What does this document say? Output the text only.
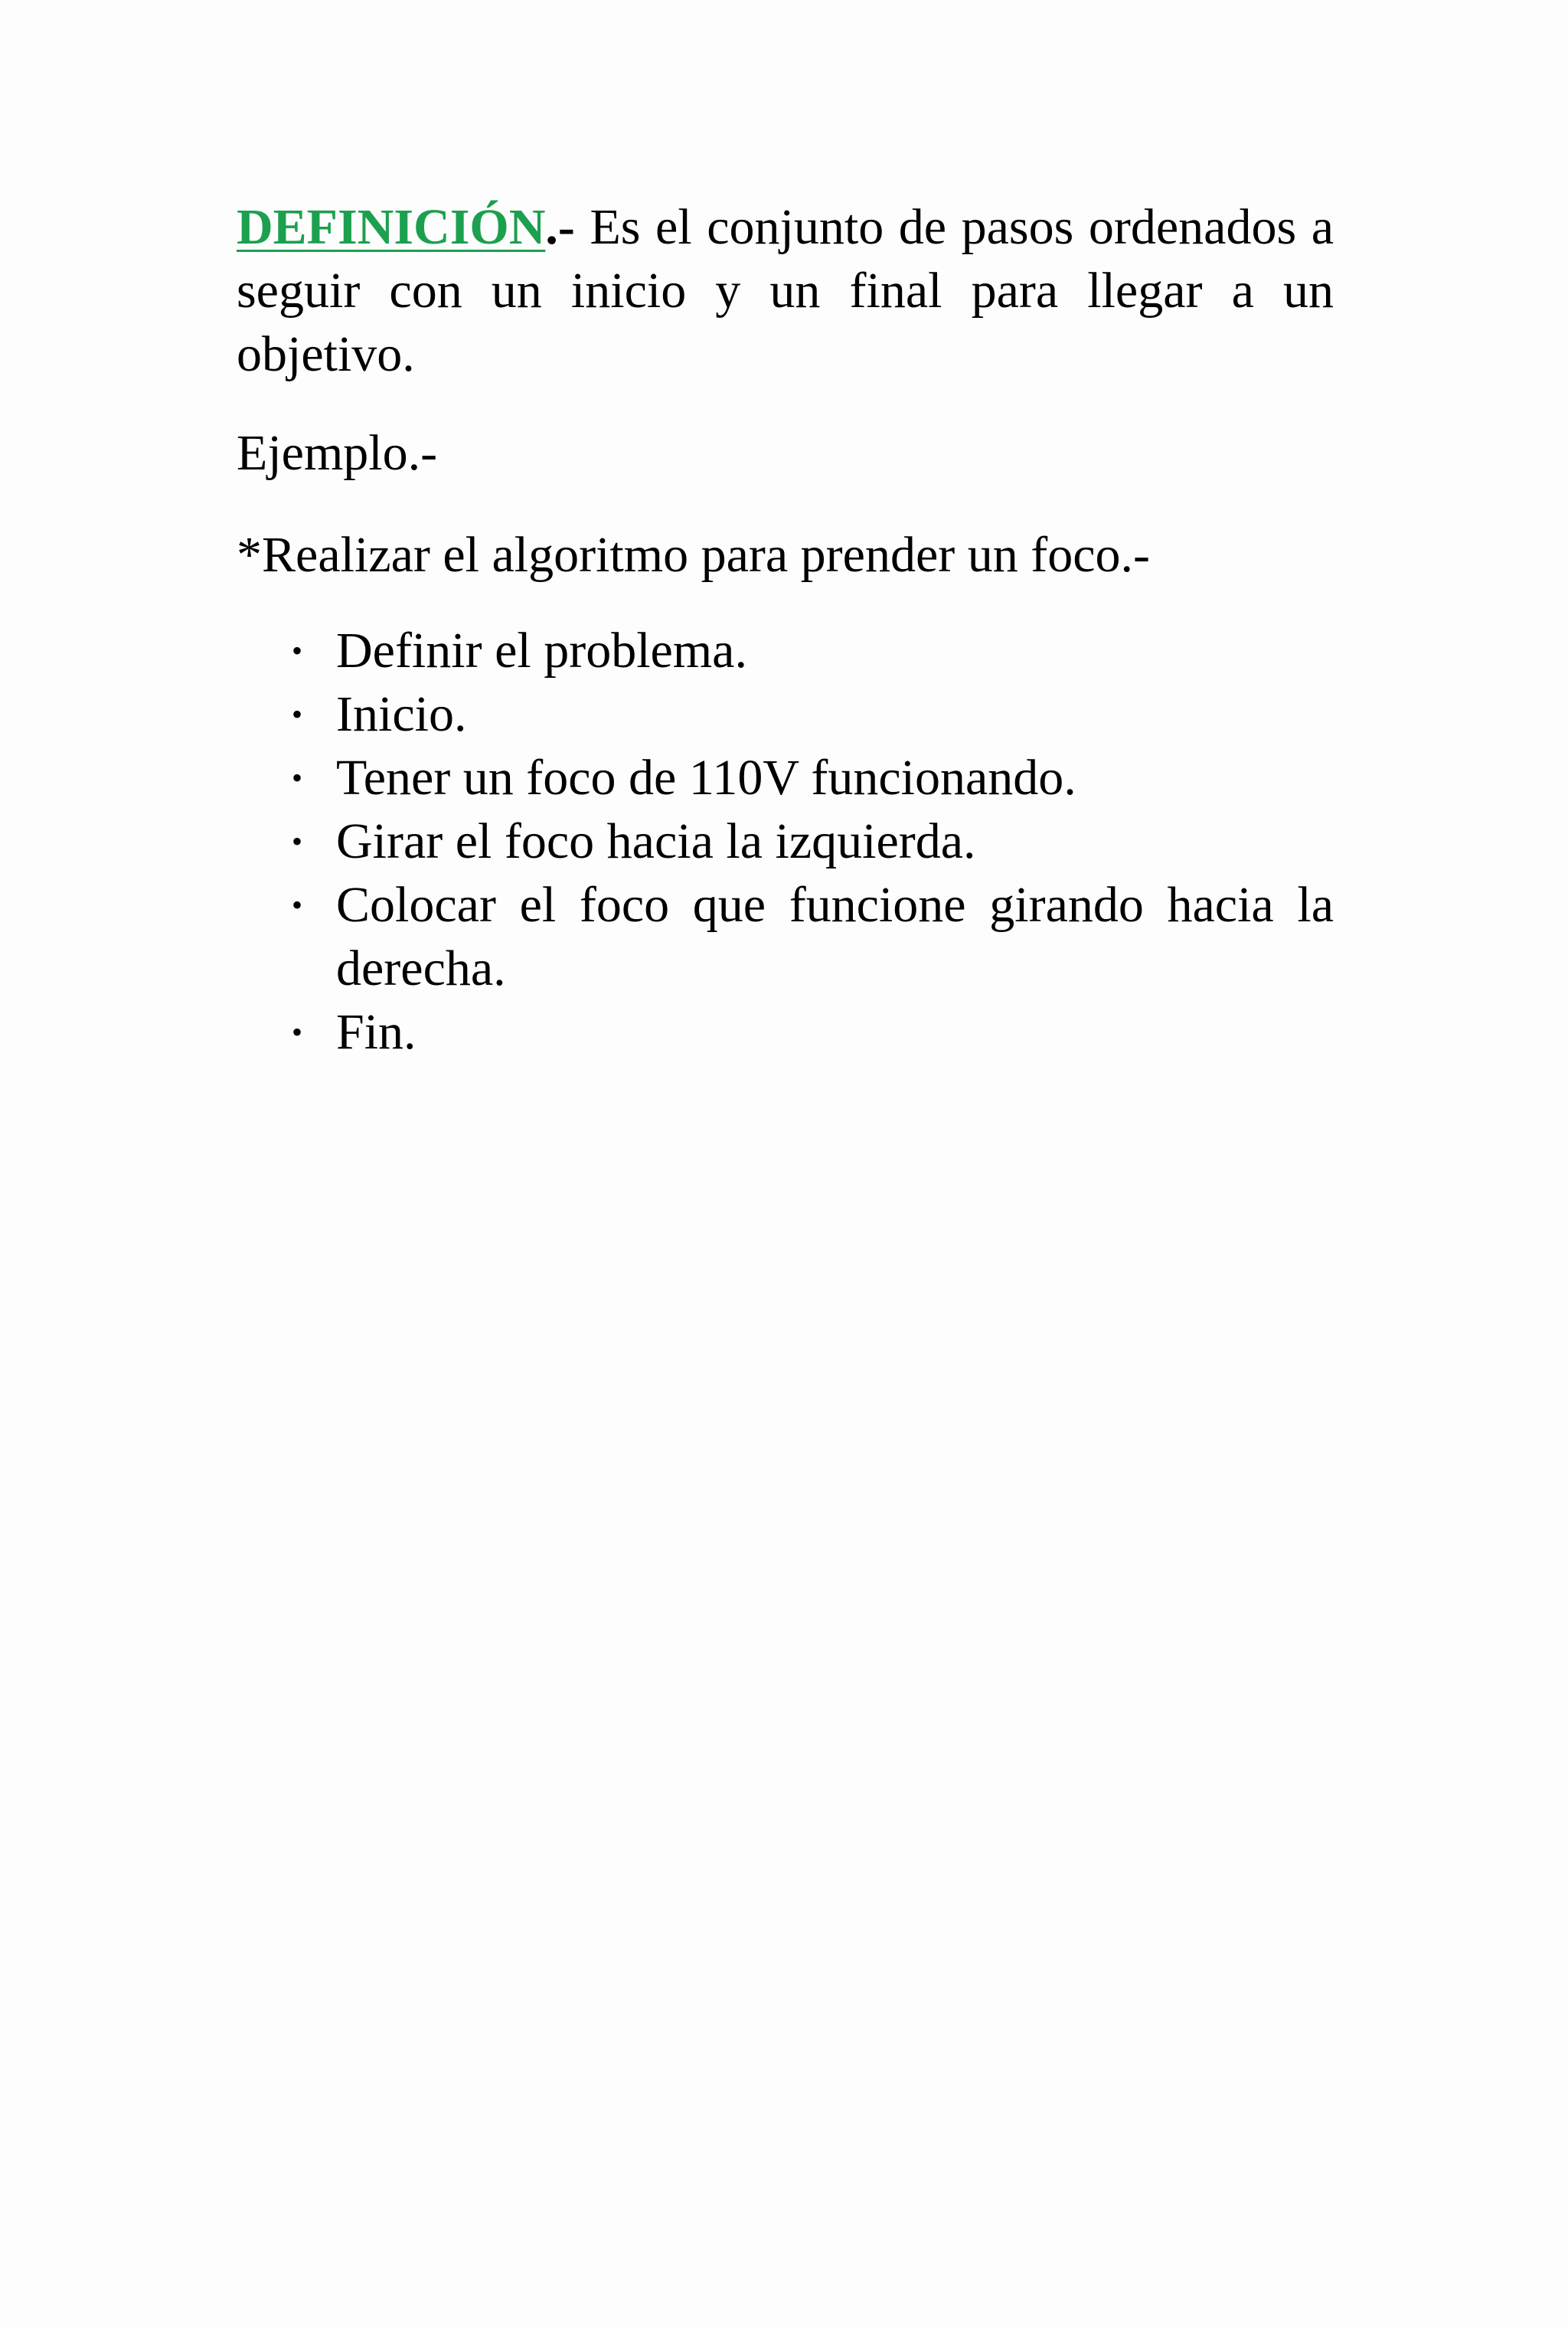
DEFINICIÓN.- Es el conjunto de pasos ordenados a seguir con un inicio y un final para llegar a un objetivo.

Ejemplo.-

*Realizar el algoritmo para prender un foco.-

• Definir el problema.
• Inicio.
• Tener un foco de 110V funcionando.
• Girar el foco hacia la izquierda.
• Colocar el foco que funcione girando hacia la derecha.
• Fin.
